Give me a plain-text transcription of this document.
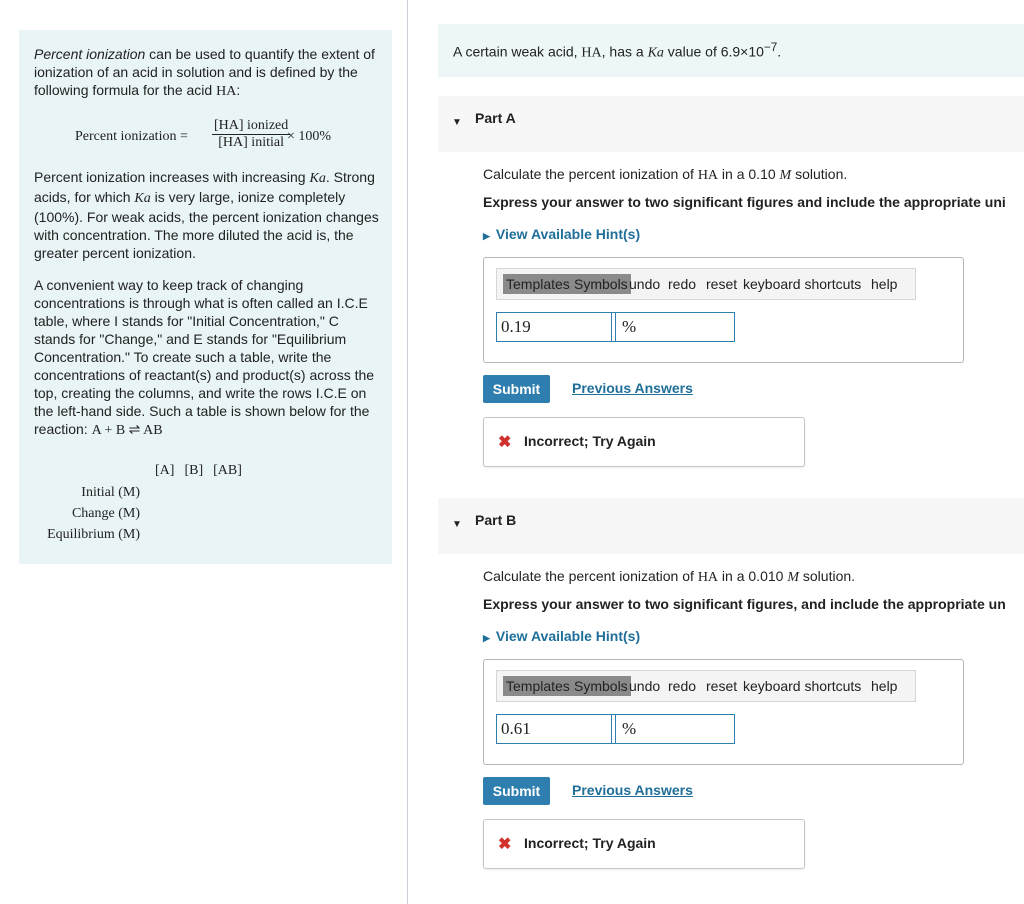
Percent ionization can be used to quantify the extent of ionization of an acid in solution and is defined by the following formula for the acid HA:

Percent ionization =
[HA] ionized
[HA] initial × 100%

Percent ionization increases with increasing Ka. Strong acids, for which Ka is very large, ionize completely (100%). For weak acids, the percent ionization changes with concentration. The more diluted the acid is, the greater percent ionization.

A convenient way to keep track of changing concentrations is through what is often called an I.C.E table, where I stands for "Initial Concentration," C stands for "Change," and E stands for "Equilibrium Concentration." To create such a table, write the concentrations of reactant(s) and product(s) across the top, creating the columns, and write the rows I.C.E on the left-hand side. Such a table is shown below for the reaction: A + B ⇌ AB

[A] [B] [AB]
Initial (M)
Change (M)
Equilibrium (M)
A certain weak acid, HA, has a Ka value of $6.9\times 10^{-7}$.
▼ Part A
Calculate the percent ionization of HA in a 0.10 M solution.
Express your answer to two significant figures and include the appropriate uni
▶ View Available Hint(s)
Templates Symbols undo redo reset keyboard shortcuts help
0.19	%
Submit	Previous Answers
✖ Incorrect; Try Again
▼ Part B
Calculate the percent ionization of HA in a 0.010 M solution.
Express your answer to two significant figures, and include the appropriate un
▶ View Available Hint(s)
Templates Symbols undo redo reset keyboard shortcuts help
0.61	%
Submit	Previous Answers
✖ Incorrect; Try Again
